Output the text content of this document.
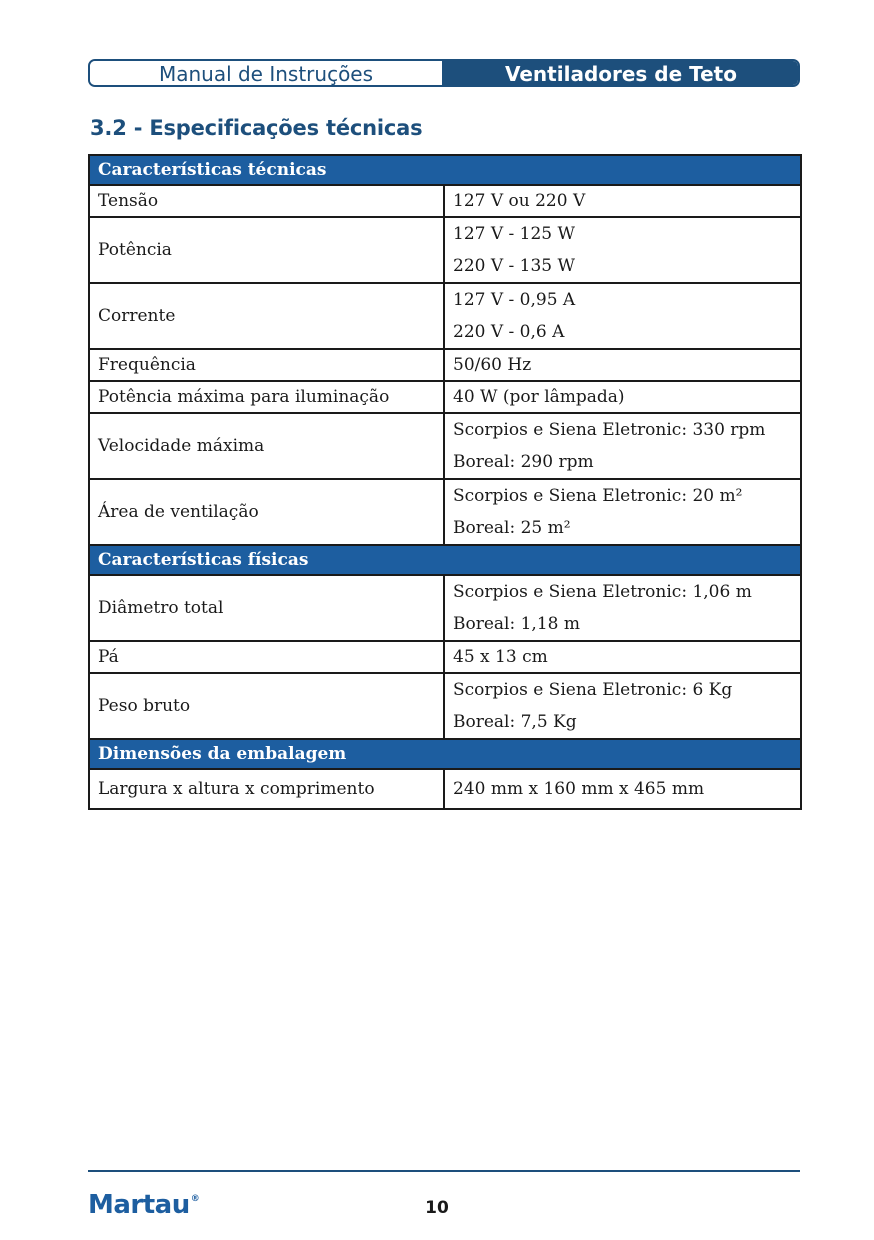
Manual de Instruções	Ventiladores de Teto
3.2 - Especificações técnicas
Características técnicas	
Tensão	127 V ou 220 V
Potência	127 V - 125 W
220 V - 135 W

Corrente	127 V - 0,95 A
220 V - 0,6 A

Frequência	50/60 Hz
Potência máxima para iluminação	40 W (por lâmpada)
Velocidade máxima	Scorpios e Siena Eletronic: 330 rpm
Boreal: 290 rpm

Área de ventilação	Scorpios e Siena Eletronic: 20 m²
Boreal: 25 m²

Características físicas	
Diâmetro total	Scorpios e Siena Eletronic: 1,06 m
Boreal: 1,18 m

Pá	45 x 13 cm
Peso bruto	Scorpios e Siena Eletronic: 6 Kg
Boreal: 7,5 Kg

Dimensões da embalagem	
Largura x altura x comprimento	240 mm x 160 mm x 465 mm
Martau®	10
